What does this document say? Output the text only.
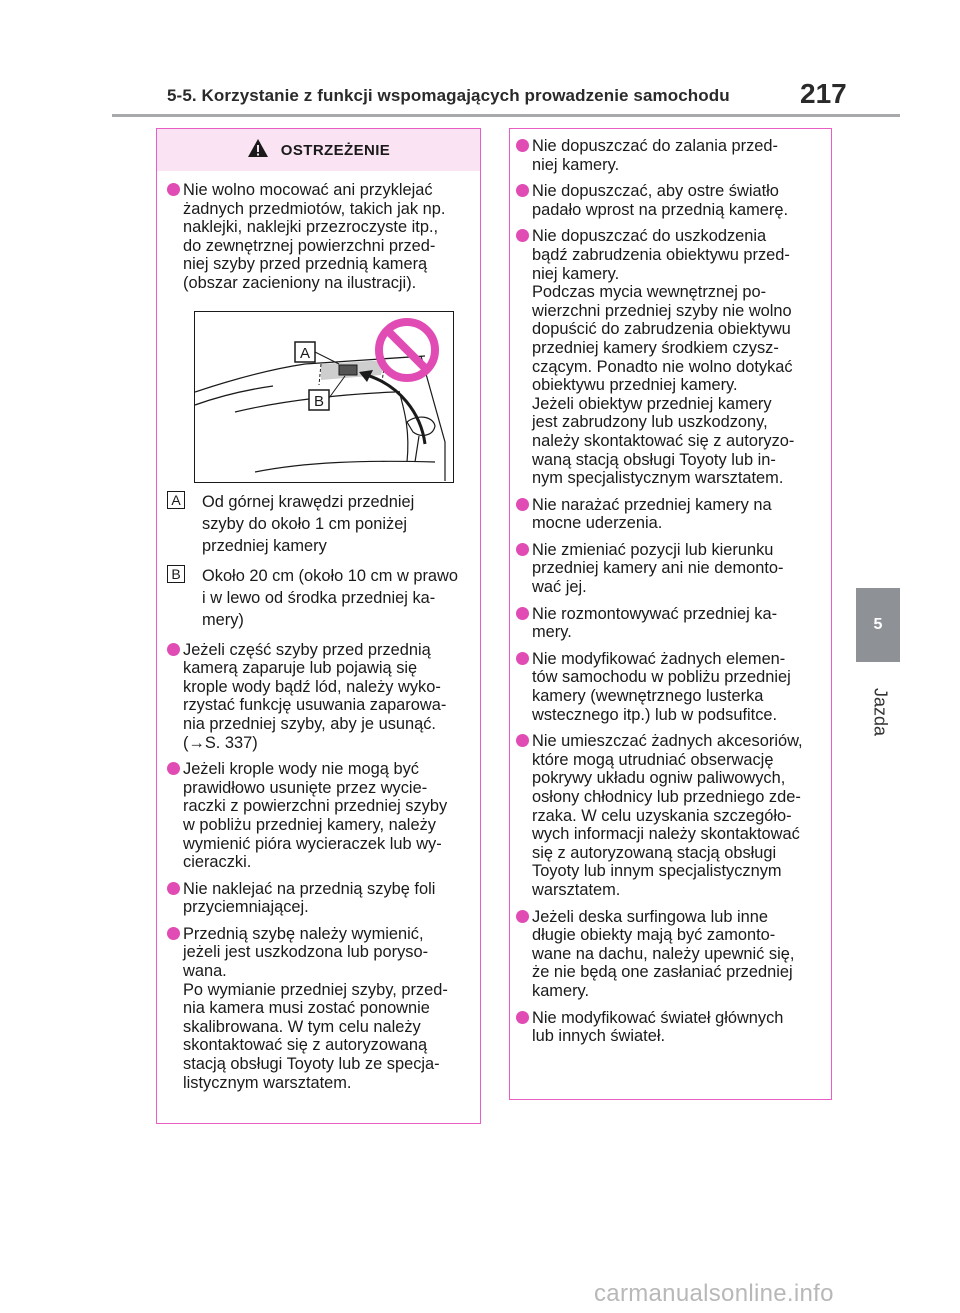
5-5. Korzystanie z funkcji wspomagających prowadzenie samochodu	217
5
Jazda
OSTRZEŻENIE
Nie wolno mocować ani przyklejać
żadnych przedmiotów, takich jak np.
naklejki, naklejki przezroczyste itp.,
do zewnętrznej powierzchni przed-
niej szyby przed przednią kamerą
(obszar zacieniony na ilustracji).
A
B
A Od górnej krawędzi przedniej
szyby do około 1 cm poniżej
przedniej kamery
B Około 20 cm (około 10 cm w prawo
i w lewo od środka przedniej ka-
mery)
Jeżeli część szyby przed przednią
kamerą zaparuje lub pojawią się
krople wody bądź lód, należy wyko-
rzystać funkcję usuwania zaparowa-
nia przedniej szyby, aby je usunąć.
(→S. 337)
Jeżeli krople wody nie mogą być
prawidłowo usunięte przez wycie-
raczki z powierzchni przedniej szyby
w pobliżu przedniej kamery, należy
wymienić pióra wycieraczek lub wy-
cieraczki.
Nie naklejać na przednią szybę foli
przyciemniającej.
Przednią szybę należy wymienić,
jeżeli jest uszkodzona lub poryso-
wana.
Po wymianie przedniej szyby, przed-
nia kamera musi zostać ponownie
skalibrowana. W tym celu należy
skontaktować się z autoryzowaną
stacją obsługi Toyoty lub ze specja-
listycznym warsztatem.
Nie dopuszczać do zalania przed-
niej kamery.
Nie dopuszczać, aby ostre światło
padało wprost na przednią kamerę.
Nie dopuszczać do uszkodzenia
bądź zabrudzenia obiektywu przed-
niej kamery.
Podczas mycia wewnętrznej po-
wierzchni przedniej szyby nie wolno
dopuścić do zabrudzenia obiektywu
przedniej kamery środkiem czysz-
czącym. Ponadto nie wolno dotykać
obiektywu przedniej kamery.
Jeżeli obiektyw przedniej kamery
jest zabrudzony lub uszkodzony,
należy skontaktować się z autoryzo-
waną stacją obsługi Toyoty lub in-
nym specjalistycznym warsztatem.
Nie narażać przedniej kamery na
mocne uderzenia.
Nie zmieniać pozycji lub kierunku
przedniej kamery ani nie demonto-
wać jej.
Nie rozmontowywać przedniej ka-
mery.
Nie modyfikować żadnych elemen-
tów samochodu w pobliżu przedniej
kamery (wewnętrznego lusterka
wstecznego itp.) lub w podsufitce.
Nie umieszczać żadnych akcesoriów,
które mogą utrudniać obserwację
pokrywy układu ogniw paliwowych,
osłony chłodnicy lub przedniego zde-
rzaka. W celu uzyskania szczegóło-
wych informacji należy skontaktować
się z autoryzowaną stacją obsługi
Toyoty lub innym specjalistycznym
warsztatem.
Jeżeli deska surfingowa lub inne
długie obiekty mają być zamonto-
wane na dachu, należy upewnić się,
że nie będą one zasłaniać przedniej
kamery.
Nie modyfikować świateł głównych
lub innych świateł.
carmanualsonline.info
